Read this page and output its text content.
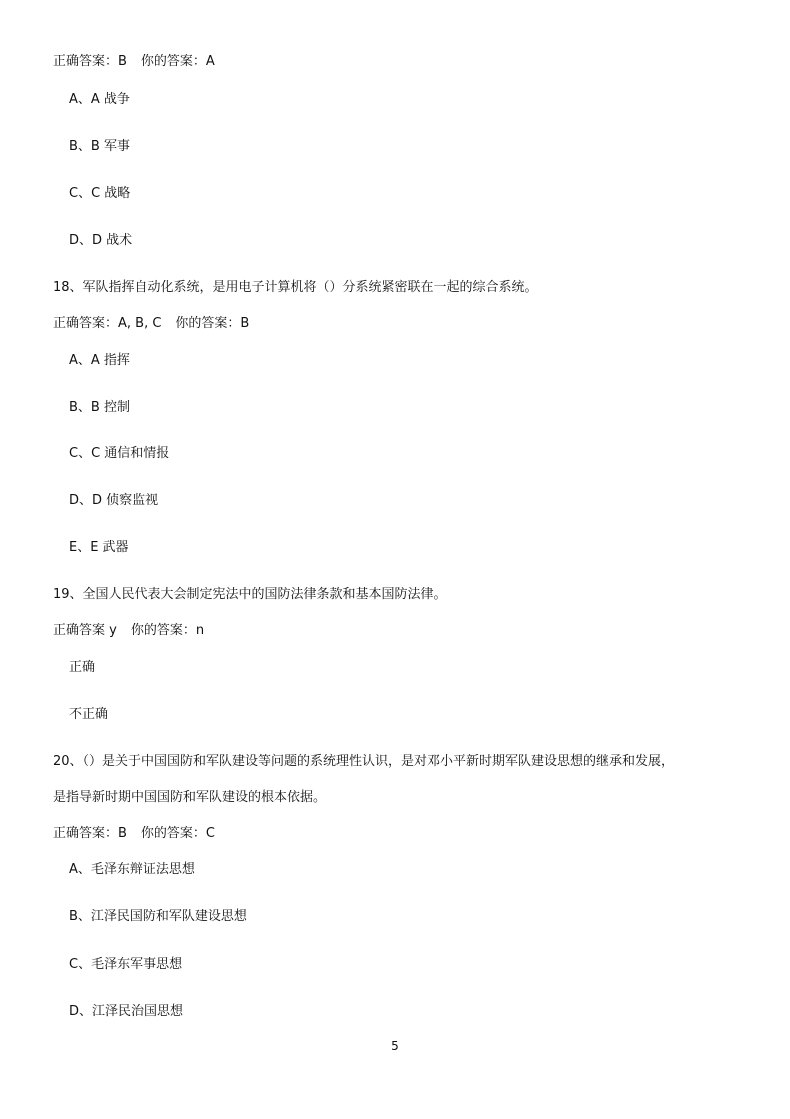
正确答案：B 你的答案：A
A、A 战争
B、B 军事
C、C 战略
D、D 战术
18、军队指挥自动化系统，是用电子计算机将（）分系统紧密联在一起的综合系统。
正确答案：A, B, C 你的答案：B
A、A 指挥
B、B 控制
C、C 通信和情报
D、D 侦察监视
E、E 武器
19、全国人民代表大会制定宪法中的国防法律条款和基本国防法律。
正确答案 y 你的答案：n
正确
不正确
20、（）是关于中国国防和军队建设等问题的系统理性认识，是对邓小平新时期军队建设思想的继承和发展，
是指导新时期中国国防和军队建设的根本依据。
正确答案：B 你的答案：C
A、毛泽东辩证法思想
B、江泽民国防和军队建设思想
C、毛泽东军事思想
D、江泽民治国思想
5
